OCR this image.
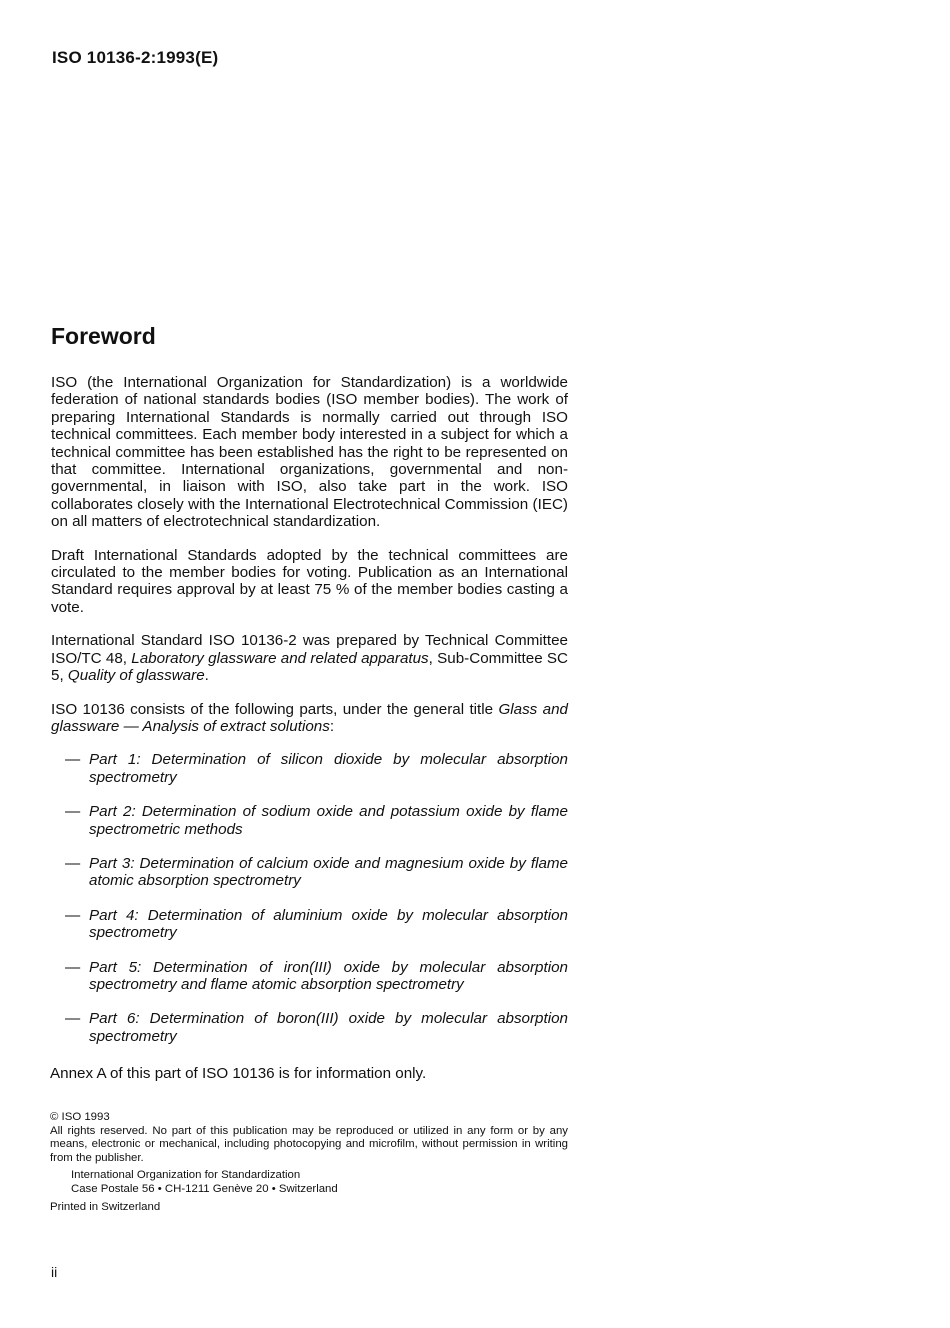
ISO 10136-2:1993(E)
Foreword

ISO (the International Organization for Standardization) is a worldwide federation of national standards bodies (ISO member bodies). The work of preparing International Standards is normally carried out through ISO technical committees. Each member body interested in a subject for which a technical committee has been established has the right to be represented on that committee. International organizations, governmental and non-governmental, in liaison with ISO, also take part in the work. ISO collaborates closely with the International Electrotechnical Commission (IEC) on all matters of electrotechnical standardization.

Draft International Standards adopted by the technical committees are circulated to the member bodies for voting. Publication as an International Standard requires approval by at least 75 % of the member bodies casting a vote.

International Standard ISO 10136-2 was prepared by Technical Committee ISO/TC 48, Laboratory glassware and related apparatus, Sub-Committee SC 5, Quality of glassware.

ISO 10136 consists of the following parts, under the general title Glass and glassware — Analysis of extract solutions:

— Part 1: Determination of silicon dioxide by molecular absorption spectrometry
— Part 2: Determination of sodium oxide and potassium oxide by flame spectrometric methods
— Part 3: Determination of calcium oxide and magnesium oxide by flame atomic absorption spectrometry
— Part 4: Determination of aluminium oxide by molecular absorption spectrometry
— Part 5: Determination of iron(III) oxide by molecular absorption spectrometry and flame atomic absorption spectrometry
— Part 6: Determination of boron(III) oxide by molecular absorption spectrometry
Annex A of this part of ISO 10136 is for information only.

© ISO 1993

All rights reserved. No part of this publication may be reproduced or utilized in any form or by any means, electronic or mechanical, including photocopying and microfilm, without permission in writing from the publisher.

International Organization for Standardization
Case Postale 56 • CH-1211 Genève 20 • Switzerland

Printed in Switzerland

ii
